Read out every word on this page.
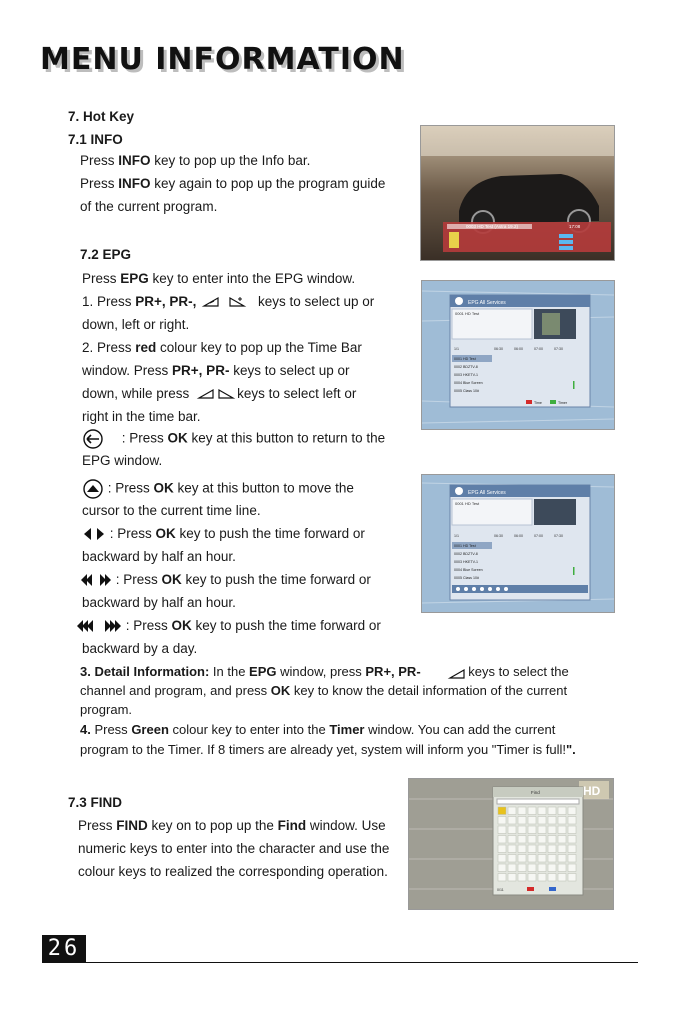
MENU INFORMATION
7. Hot Key
7.1 INFO
Press INFO key to pop up the Info bar.
Press INFO key again to pop up the program guide
of the current program.
0003 HD Test (Astra 19.2)	17:08
7.2 EPG
Press EPG key to enter into the EPG window.
1. Press PR+, PR-,	keys to select up or
down, left or right.
2. Press red colour key to pop up the Time Bar
window. Press PR+, PR- keys to select up or
down, while press	keys to select left or
right in the time bar.
: Press OK key at this button to return to the
EPG window.
: Press OK key at this button to move the
cursor to the current time line.
: Press OK key to push the time forward or
backward by half an hour.
: Press OK key to push the time forward or
backward by half an hour.
: Press OK key to push the time forward or
backward by a day.
EPG All Services
0001 HD Test
1/1	06:30	06:00	07:00	07:30
0001 HD Test
0002 BDZTV-8
0003 HKETV-1
0004 Blue Screen
0005 Class 10#
Time	Timer
EPG All Services
0001 HD Test
1/1	06:30	06:00	07:00	07:30
0001 HD Test
0002 BDZTV-8
0003 HKETV-1
0004 Blue Screen
0005 Class 10#
3. Detail Information: In the EPG window, press PR+, PR-	keys to select the
channel and program, and press OK key to know the detail information of the current
program.
4. Press Green colour key to enter into the Timer window. You can add the current
program to the Timer. If 8 timers are already yet, system will inform you "Timer is full!".
7.3 FIND
Press FIND key on to pop up the Find window. Use
numeric keys to enter into the character and use the
colour keys to realized the corresponding operation.
HD
Find
0/11
26
